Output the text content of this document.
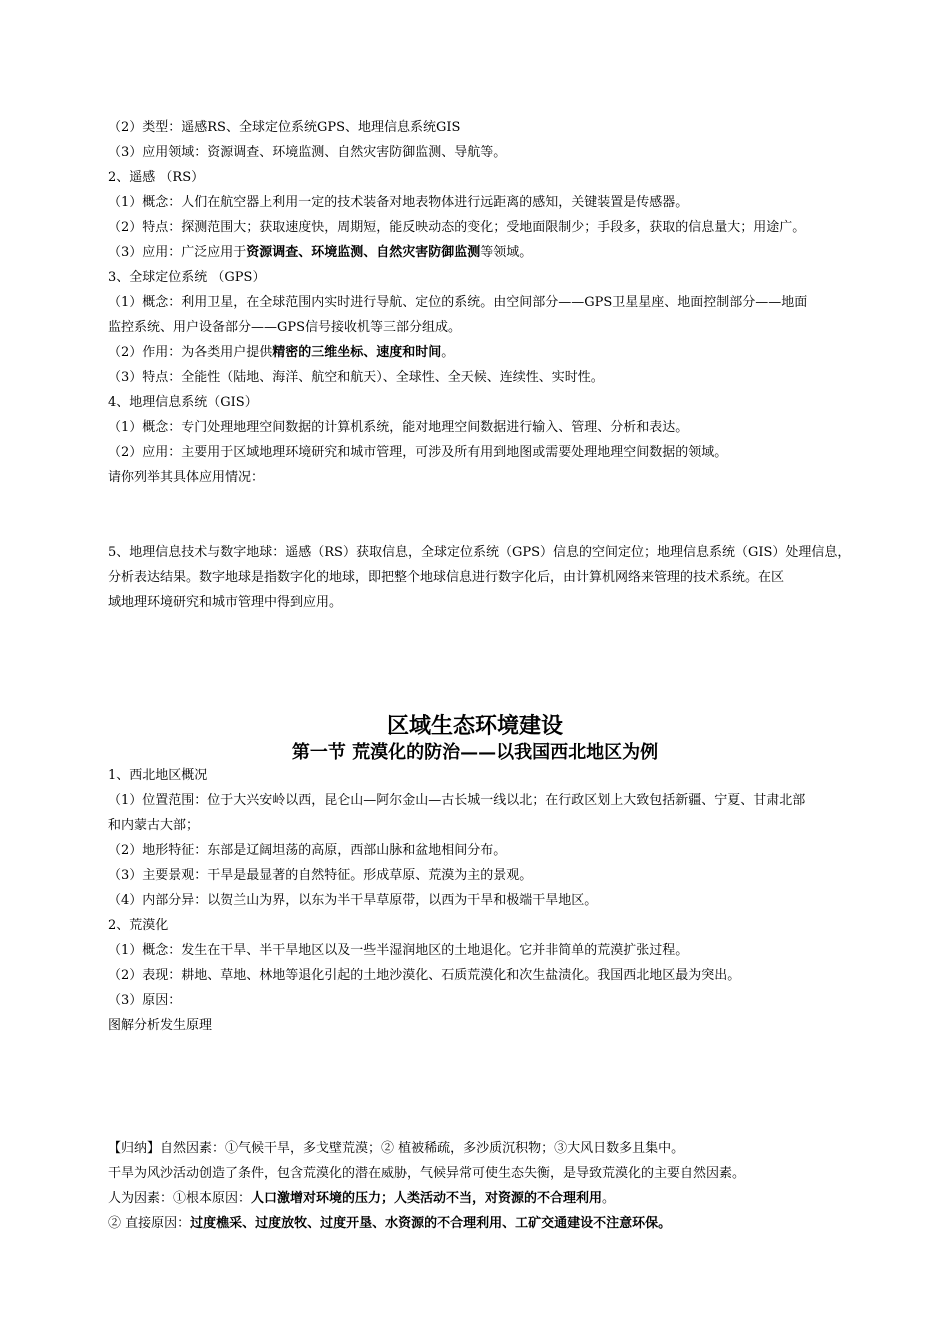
（2）类型：遥感RS、全球定位系统GPS、地理信息系统GIS
（3）应用领域：资源调查、环境监测、自然灾害防御监测、导航等。
2、遥感 （RS）
（1）概念：人们在航空器上利用一定的技术装备对地表物体进行远距离的感知，关键装置是传感器。
（2）特点：探测范围大；获取速度快，周期短，能反映动态的变化；受地面限制少；手段多，获取的信息量大；用途广。
（3）应用：广泛应用于资源调查、环境监测、自然灾害防御监测等领域。
3、全球定位系统 （GPS）
（1）概念：利用卫星，在全球范围内实时进行导航、定位的系统。由空间部分——GPS卫星星座、地面控制部分——地面
监控系统、用户设备部分——GPS信号接收机等三部分组成。
（2）作用：为各类用户提供精密的三维坐标、速度和时间。
（3）特点：全能性（陆地、海洋、航空和航天）、全球性、全天候、连续性、实时性。
4、地理信息系统（GIS）
（1）概念：专门处理地理空间数据的计算机系统，能对地理空间数据进行输入、管理、分析和表达。
（2）应用：主要用于区域地理环境研究和城市管理，可涉及所有用到地图或需要处理地理空间数据的领域。
请你列举其具体应用情况：
5、地理信息技术与数字地球：遥感（RS）获取信息，全球定位系统（GPS）信息的空间定位；地理信息系统（GIS）处理信息，
分析表达结果。数字地球是指数字化的地球，即把整个地球信息进行数字化后，由计算机网络来管理的技术系统。在区
域地理环境研究和城市管理中得到应用。
区域生态环境建设
第一节 荒漠化的防治——以我国西北地区为例
1、西北地区概况
（1）位置范围：位于大兴安岭以西，昆仑山—阿尔金山—古长城一线以北；在行政区划上大致包括新疆、宁夏、甘肃北部
和内蒙古大部；
（2）地形特征：东部是辽阔坦荡的高原，西部山脉和盆地相间分布。
（3）主要景观：干旱是最显著的自然特征。形成草原、荒漠为主的景观。
（4）内部分异：以贺兰山为界，以东为半干旱草原带，以西为干旱和极端干旱地区。
2、荒漠化
（1）概念：发生在干旱、半干旱地区以及一些半湿润地区的土地退化。它并非简单的荒漠扩张过程。
（2）表现：耕地、草地、林地等退化引起的土地沙漠化、石质荒漠化和次生盐渍化。我国西北地区最为突出。
（3）原因：
图解分析发生原理
【归纳】自然因素：①气候干旱，多戈壁荒漠；② 植被稀疏，多沙质沉积物；③大风日数多且集中。
干旱为风沙活动创造了条件，包含荒漠化的潜在威胁，气候异常可使生态失衡，是导致荒漠化的主要自然因素。
人为因素：①根本原因：人口激增对环境的压力；人类活动不当，对资源的不合理利用。
② 直接原因：过度樵采、过度放牧、过度开垦、水资源的不合理利用、工矿交通建设不注意环保。
